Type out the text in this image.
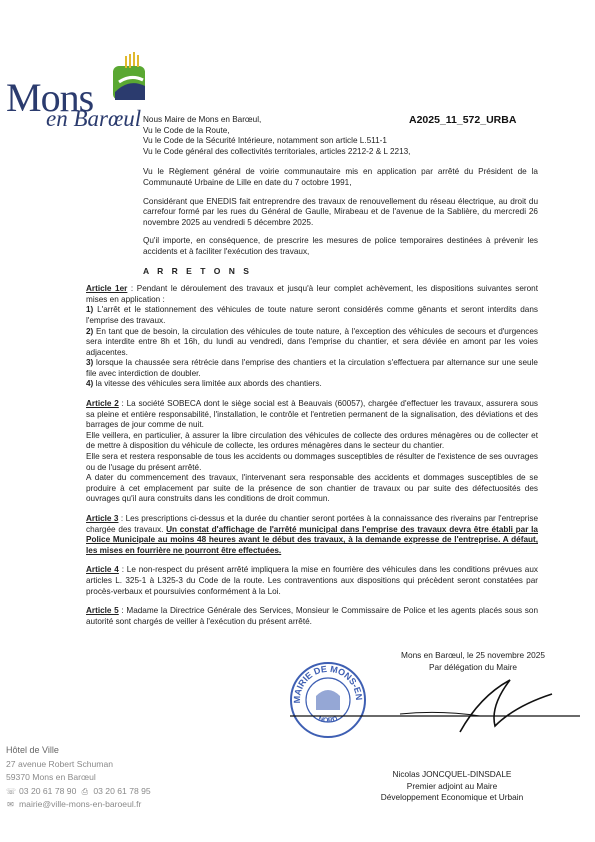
Mons
en Barœul	A2025_11_572_URBA
Nous Maire de Mons en Barœul,
Vu le Code de la Route,
Vu le Code de la Sécurité Intérieure, notamment son article L.511-1
Vu le Code général des collectivités territoriales, articles 2212-2 & L 2213,

Vu le Règlement général de voirie communautaire mis en application par arrêté du Président de la Communauté Urbaine de Lille en date du 7 octobre 1991,

Considérant que ENEDIS fait entreprendre des travaux de renouvellement du réseau électrique, au droit du carrefour formé par les rues du Général de Gaulle, Mirabeau et de l'avenue de la Sablière, du mercredi 26 novembre 2025 au vendredi 5 décembre 2025.

Qu'il importe, en conséquence, de prescrire les mesures de police temporaires destinées à prévenir les accidents et à faciliter l'exécution des travaux,

A R R E T O N S

Article 1er : Pendant le déroulement des travaux et jusqu'à leur complet achèvement, les dispositions suivantes seront mises en application :

1) L'arrêt et le stationnement des véhicules de toute nature seront considérés comme gênants et seront interdits dans l'emprise des travaux.

2) En tant que de besoin, la circulation des véhicules de toute nature, à l'exception des véhicules de secours et d'urgences sera interdite entre 8h et 16h, du lundi au vendredi, dans l'emprise du chantier, et sera déviée en amont par les voies adjacentes.

3) lorsque la chaussée sera rétrécie dans l'emprise des chantiers et la circulation s'effectuera par alternance sur une seule file avec interdiction de doubler.

4) la vitesse des véhicules sera limitée aux abords des chantiers.

Article 2 : La société SOBECA dont le siège social est à Beauvais (60057), chargée d'effectuer les travaux, assurera sous sa pleine et entière responsabilité, l'installation, le contrôle et l'entretien permanent de la signalisation, des déviations et des barrages de jour comme de nuit.

Elle veillera, en particulier, à assurer la libre circulation des véhicules de collecte des ordures ménagères ou de collecter et de mettre à disposition du véhicule de collecte, les ordures ménagères dans le secteur du chantier.

Elle sera et restera responsable de tous les accidents ou dommages susceptibles de résulter de l'existence de ses ouvrages ou de l'usage du présent arrêté.

A dater du commencement des travaux, l'intervenant sera responsable des accidents et dommages susceptibles de se produire à cet emplacement par suite de la présence de son chantier de travaux ou par suite des défectuosités des ouvrages qu'il aura construits dans les conditions de droit commun.

Article 3 : Les prescriptions ci-dessus et la durée du chantier seront portées à la connaissance des riverains par l'entreprise chargée des travaux. Un constat d'affichage de l'arrêté municipal dans l'emprise des travaux devra être établi par la Police Municipale au moins 48 heures avant le début des travaux, à la demande expresse de l'entreprise. A défaut, les mises en fourrière ne pourront être effectuées.

Article 4 : Le non-respect du présent arrêté impliquera la mise en fourrière des véhicules dans les conditions prévues aux articles L. 325-1 à L325-3 du Code de la route. Les contraventions aux dispositions qui précèdent seront constatées par procès-verbaux et poursuivies conformément à la Loi.

Article 5 : Madame la Directrice Générale des Services, Monsieur le Commissaire de Police et les agents placés sous son autorité sont chargés de veiller à l'exécution du présent arrêté.

Mons en Barœul, le 25 novembre 2025
Par délégation du Maire
MAIRIE DE MONS-EN
NORD
Nicolas JONCQUEL-DINSDALE
Premier adjoint au Maire
Développement Economique et Urbain
Hôtel de Ville
27 avenue Robert Schuman
59370 Mons en Barœul
☏ 03 20 61 78 90 ⎙ 03 20 61 78 95
✉ mairie@ville-mons-en-baroeul.fr
